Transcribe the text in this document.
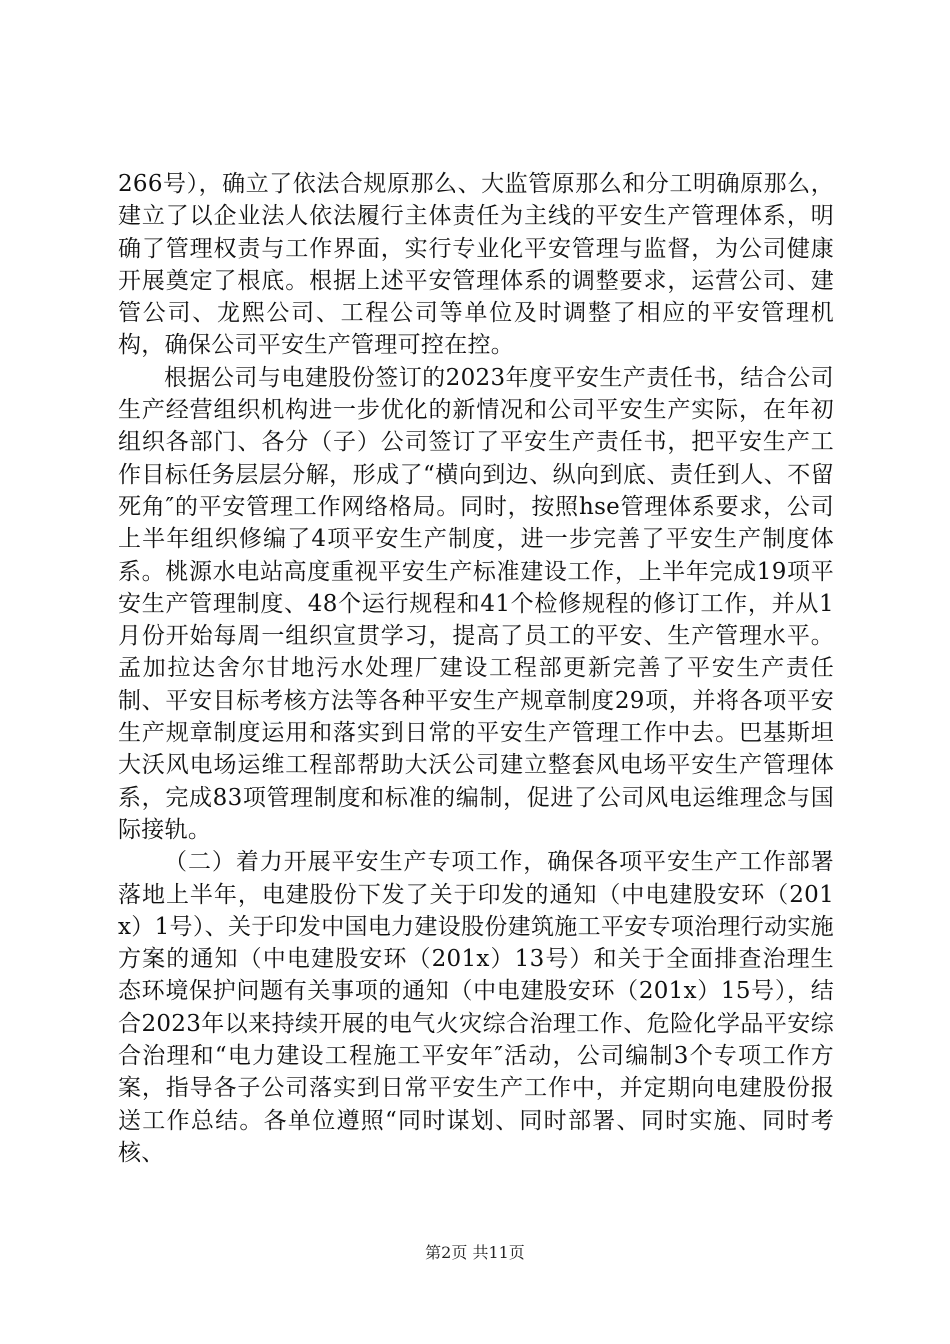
266号），确立了依法合规原那么、大监管原那么和分工明确原那么，建立了以企业法人依法履行主体责任为主线的平安生产管理体系，明确了管理权责与工作界面，实行专业化平安管理与监督，为公司健康开展奠定了根底。根据上述平安管理体系的调整要求，运营公司、建管公司、龙熙公司、工程公司等单位及时调整了相应的平安管理机构，确保公司平安生产管理可控在控。

根据公司与电建股份签订的2023年度平安生产责任书，结合公司生产经营组织机构进一步优化的新情况和公司平安生产实际，在年初组织各部门、各分（子）公司签订了平安生产责任书，把平安生产工作目标任务层层分解，形成了“横向到边、纵向到底、责任到人、不留死角″的平安管理工作网络格局。同时，按照hse管理体系要求，公司上半年组织修编了4项平安生产制度，进一步完善了平安生产制度体系。桃源水电站高度重视平安生产标准建设工作，上半年完成19项平安生产管理制度、48个运行规程和41个检修规程的修订工作，并从1月份开始每周一组织宣贯学习，提高了员工的平安、生产管理水平。孟加拉达舍尔甘地污水处理厂建设工程部更新完善了平安生产责任制、平安目标考核方法等各种平安生产规章制度29项，并将各项平安生产规章制度运用和落实到日常的平安生产管理工作中去。巴基斯坦大沃风电场运维工程部帮助大沃公司建立整套风电场平安生产管理体系，完成83项管理制度和标准的编制，促进了公司风电运维理念与国际接轨。

（二）着力开展平安生产专项工作，确保各项平安生产工作部署落地上半年，电建股份下发了关于印发的通知（中电建股安环（201x）1号）、关于印发中国电力建设股份建筑施工平安专项治理行动实施方案的通知（中电建股安环（201x）13号）和关于全面排查治理生态环境保护问题有关事项的通知（中电建股安环（201x）15号），结合2023年以来持续开展的电气火灾综合治理工作、危险化学品平安综合治理和“电力建设工程施工平安年″活动，公司编制3个专项工作方案，指导各子公司落实到日常平安生产工作中，并定期向电建股份报送工作总结。各单位遵照“同时谋划、同时部署、同时实施、同时考核、

第2页 共11页
